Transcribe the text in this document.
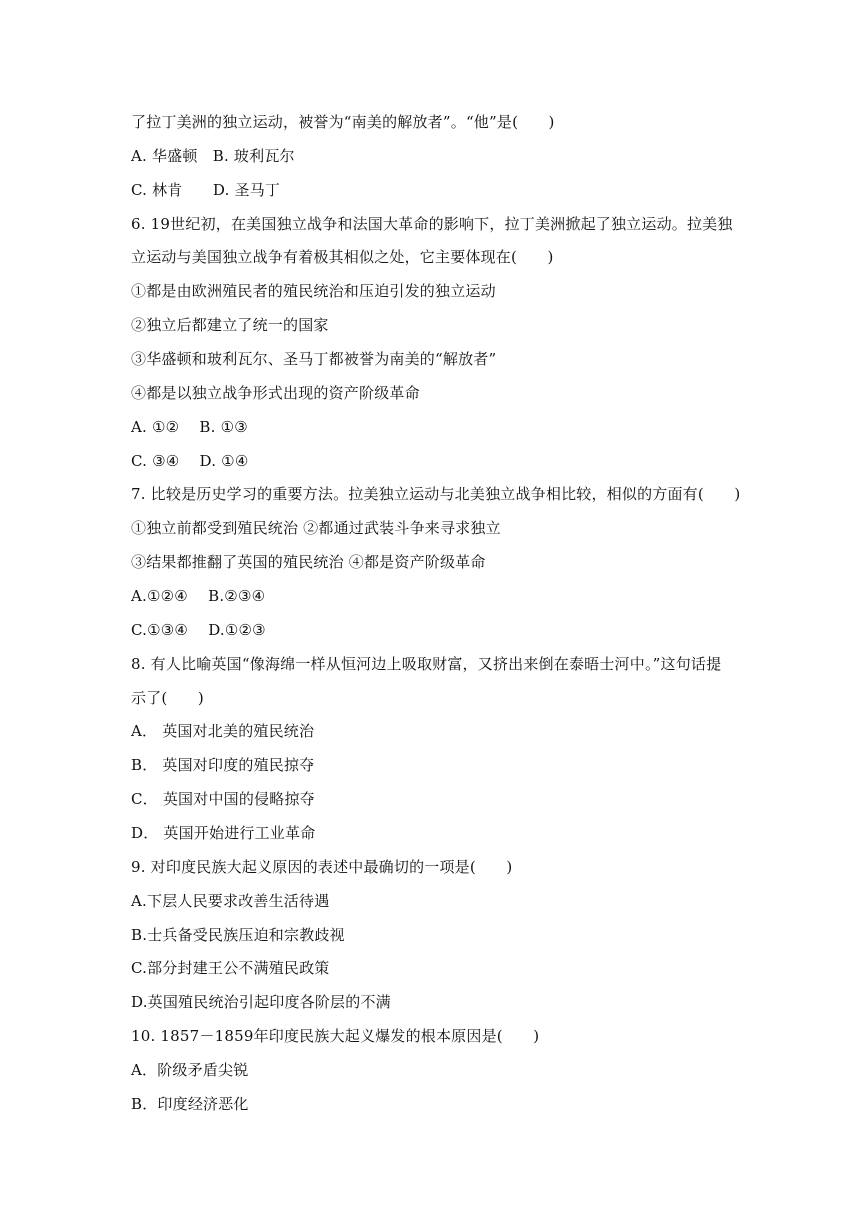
了拉丁美洲的独立运动，被誉为“南美的解放者”。“他”是(　　)
A. 华盛顿　B. 玻利瓦尔
C. 林肯　　D. 圣马丁
6. 19世纪初，在美国独立战争和法国大革命的影响下，拉丁美洲掀起了独立运动。拉美独
立运动与美国独立战争有着极其相似之处，它主要体现在(　　)
①都是由欧洲殖民者的殖民统治和压迫引发的独立运动
②独立后都建立了统一的国家
③华盛顿和玻利瓦尔、圣马丁都被誉为南美的“解放者”
④都是以独立战争形式出现的资产阶级革命
A. ①②　 B. ①③
C. ③④　 D. ①④
7. 比较是历史学习的重要方法。拉美独立运动与北美独立战争相比较，相似的方面有(　　)
①独立前都受到殖民统治 ②都通过武装斗争来寻求独立
③结果都推翻了英国的殖民统治 ④都是资产阶级革命
A.①②④　 B.②③④
C.①③④　 D.①②③
8. 有人比喻英国“像海绵一样从恒河边上吸取财富，又挤出来倒在泰晤士河中。”这句话提
示了(　　)
A． 英国对北美的殖民统治
B． 英国对印度的殖民掠夺
C． 英国对中国的侵略掠夺
D． 英国开始进行工业革命
9. 对印度民族大起义原因的表述中最确切的一项是(　　)
A.下层人民要求改善生活待遇
B.士兵备受民族压迫和宗教歧视
C.部分封建王公不满殖民政策
D.英国殖民统治引起印度各阶层的不满
10. 1857－1859年印度民族大起义爆发的根本原因是(　　)
A．阶级矛盾尖锐
B．印度经济恶化
